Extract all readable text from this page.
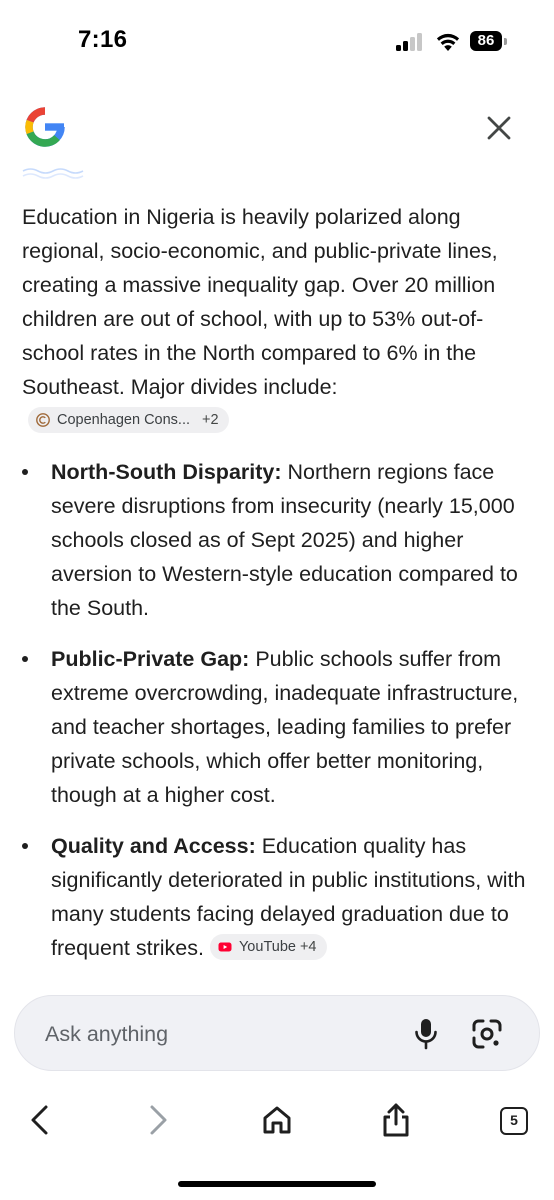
7:16	86

Education in Nigeria is heavily polarized along regional, socio-economic, and public-private lines, creating a massive inequality gap. Over 20 million children are out of school, with up to 53% out-of-school rates in the North compared to 6% in the Southeast. Major divides include:
Copenhagen Cons... +2

North-South Disparity: Northern regions face severe disruptions from insecurity (nearly 15,000 schools closed as of Sept 2025) and higher aversion to Western-style education compared to the South.
Public-Private Gap: Public schools suffer from extreme overcrowding, inadequate infrastructure, and teacher shortages, leading families to prefer private schools, which offer better monitoring, though at a higher cost.
Quality and Access: Education quality has significantly deteriorated in public institutions, with many students facing delayed graduation due to frequent strikes. YouTube +4
Ask anything
5
